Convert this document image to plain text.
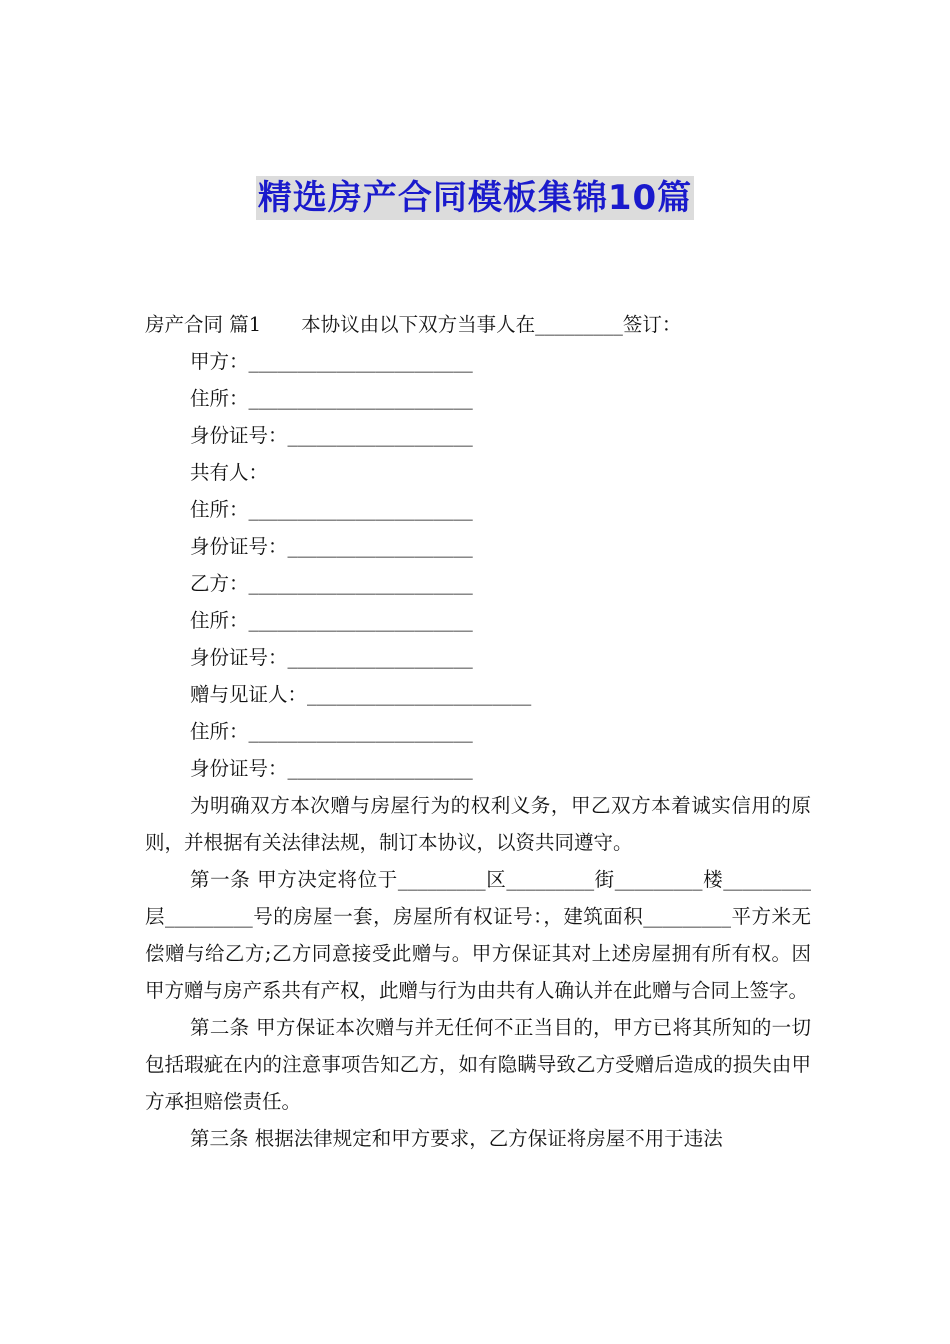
精选房产合同模板集锦10篇
房产合同 篇1 本协议由以下双方当事人在_________签订：
甲方：_______________________
住所：_______________________
身份证号：___________________
共有人：
住所：_______________________
身份证号：___________________
乙方：_______________________
住所：_______________________
身份证号：___________________
赠与见证人：_______________________
住所：_______________________
身份证号：___________________
为明确双方本次赠与房屋行为的权利义务，甲乙双方本着诚实信用的原则，并根据有关法律法规，制订本协议，以资共同遵守。
第一条 甲方决定将位于_________区_________街_________楼_________层_________号的房屋一套，房屋所有权证号：，建筑面积_________平方米无偿赠与给乙方;乙方同意接受此赠与。甲方保证其对上述房屋拥有所有权。因甲方赠与房产系共有产权，此赠与行为由共有人确认并在此赠与合同上签字。
第二条 甲方保证本次赠与并无任何不正当目的，甲方已将其所知的一切包括瑕疵在内的注意事项告知乙方，如有隐瞒导致乙方受赠后造成的损失由甲方承担赔偿责任。
第三条 根据法律规定和甲方要求，乙方保证将房屋不用于违法
